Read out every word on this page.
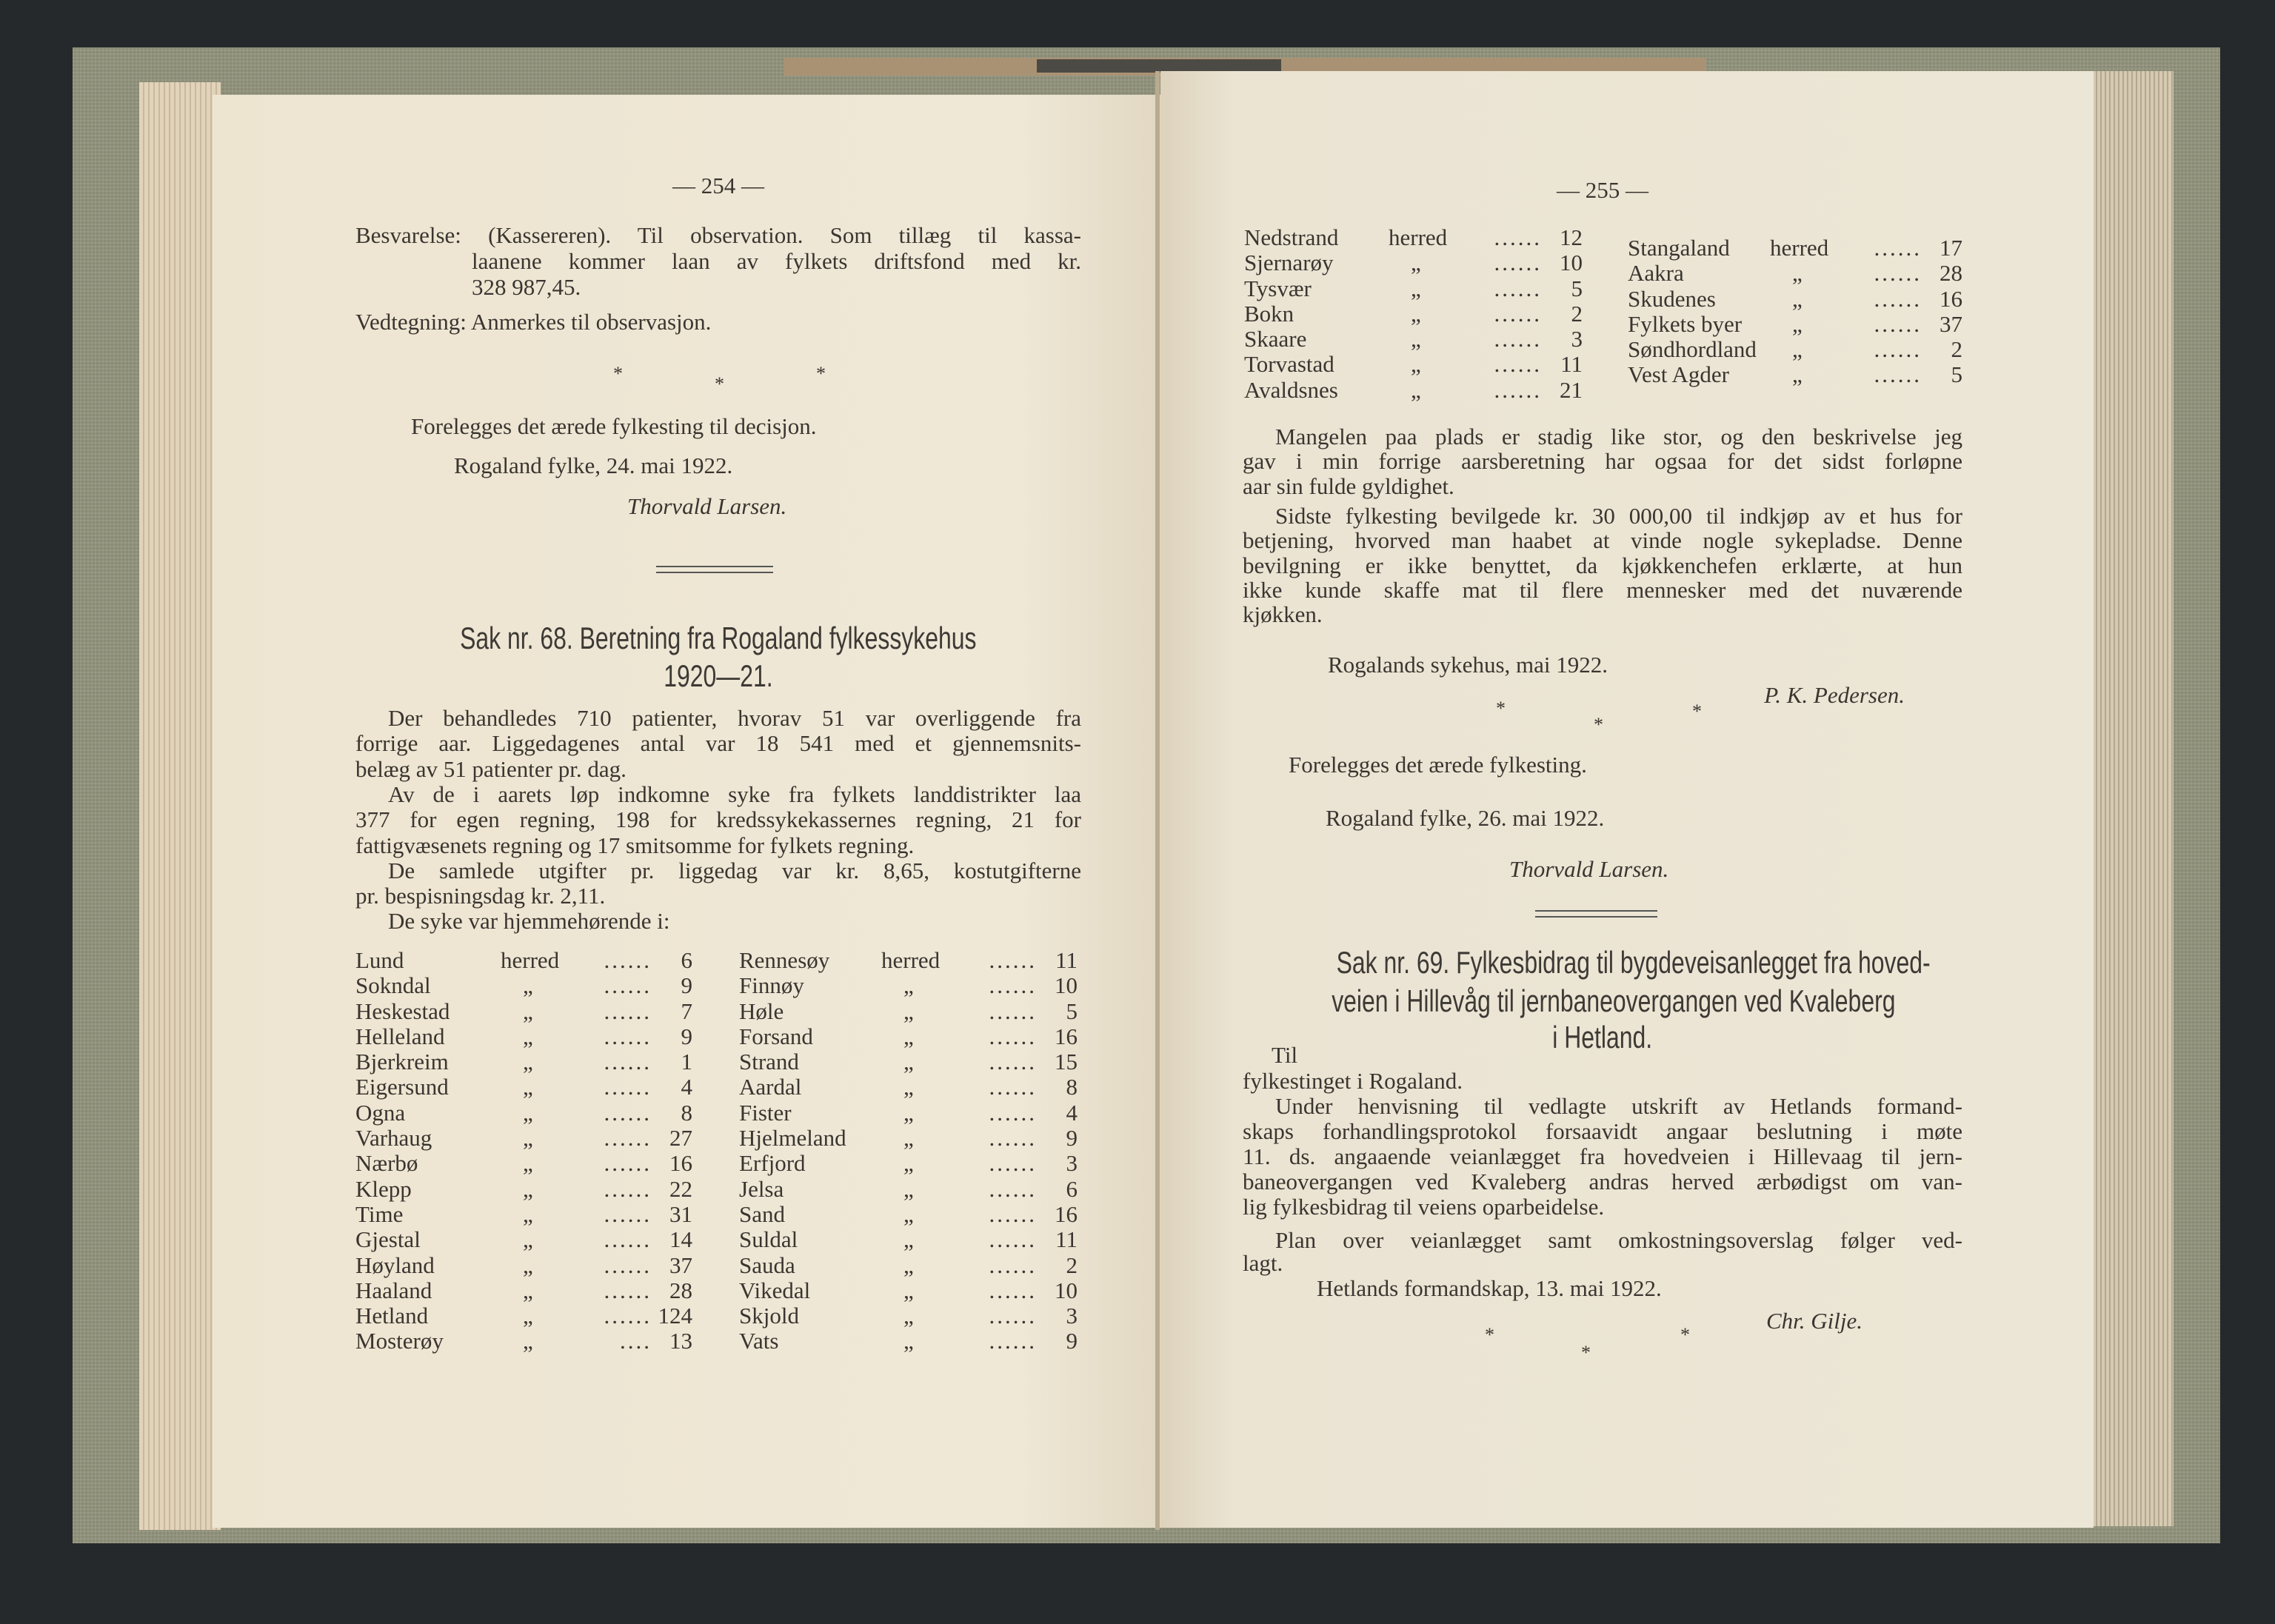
— 254 —
Besvarelse: (Kassereren). Til observation. Som tillæg til kassa-
laanene kommer laan av fylkets driftsfond med kr.
328 987,45.
Vedtegning: Anmerkes til observasjon.
*	*
*
Forelegges det ærede fylkesting til decisjon.
Rogaland fylke, 24. mai 1922.
Thorvald Larsen.
Sak nr. 68. Beretning fra Rogaland fylkessykehus
1920—21.
Der behandledes 710 patienter, hvorav 51 var overliggende fra
forrige aar. Liggedagenes antal var 18 541 med et gjennemsnits-
belæg av 51 patienter pr. dag.
Av de i aarets løp indkomne syke fra fylkets landdistrikter laa
377 for egen regning, 198 for kredssykekassernes regning, 21 for
fattigvæsenets regning og 17 smitsomme for fylkets regning.
De samlede utgifter pr. liggedag var kr. 8,65, kostutgifterne
pr. bespisningsdag kr. 2,11.
De syke var hjemmehørende i:
Lund	herred ...... 6
Sokndal	„	...... 9
Heskestad	„	...... 7
Helleland	„	...... 9
Bjerkreim	„	...... 1
Eigersund	„	...... 4
Ogna	„	...... 8
Varhaug	„	...... 27
Nærbø	„	...... 16
Klepp	„	...... 22
Time	„	...... 31
Gjestal	„	...... 14
Høyland	„	...... 37
Haaland	„	...... 28
Hetland	„	...... 124
Mosterøy	„	.... 13
Rennesøy herred ...... 11
Finnøy	„	...... 10
Høle	„	...... 5
Forsand	„	...... 16
Strand	„	...... 15
Aardal	„	...... 8
Fister	„	...... 4
Hjelmeland „	...... 9
Erfjord	„	...... 3
Jelsa	„	...... 6
Sand	„	...... 16
Suldal	„	...... 11
Sauda	„	...... 2
Vikedal	„	...... 10
Skjold	„	...... 3
Vats	„	...... 9
— 255 —
Nedstrand herred ...... 12
Sjernarøy	„	...... 10
Tysvær	„	...... 5
Bokn	„	...... 2
Skaare	„	...... 3
Torvastad	„	...... 11
Avaldsnes	„	...... 21
Stangaland herred ...... 17
Aakra	„	...... 28
Skudenes	„	...... 16
Fylkets byer „	...... 37
Søndhordland „	...... 2
Vest Agder	„	...... 5
Mangelen paa plads er stadig like stor, og den beskrivelse jeg
gav i min forrige aarsberetning har ogsaa for det sidst forløpne
aar sin fulde gyldighet.
Sidste fylkesting bevilgede kr. 30 000,00 til indkjøp av et hus for
betjening, hvorved man haabet at vinde nogle sykepladse. Denne
bevilgning er ikke benyttet, da kjøkkenchefen erklærte, at hun
ikke kunde skaffe mat til flere mennesker med det nuværende
kjøkken.
Rogalands sykehus, mai 1922.
P. K. Pedersen.
*	*
*
Forelegges det ærede fylkesting.
Rogaland fylke, 26. mai 1922.
Thorvald Larsen.
Sak nr. 69. Fylkesbidrag til bygdeveisanlegget fra hoved-
veien i Hillevåg til jernbaneovergangen ved Kvaleberg
i Hetland.
Til
fylkestinget i Rogaland.
Under henvisning til vedlagte utskrift av Hetlands formand-
skaps forhandlingsprotokol forsaavidt angaar beslutning i møte
11. ds. angaaende veianlægget fra hovedveien i Hillevaag til jern-
baneovergangen ved Kvaleberg andras herved ærbødigst om van-
lig fylkesbidrag til veiens oparbeidelse.
Plan over veianlægget samt omkostningsoverslag følger ved-
lagt.
Hetlands formandskap, 13. mai 1922.
Chr. Gilje.
*	*
*
